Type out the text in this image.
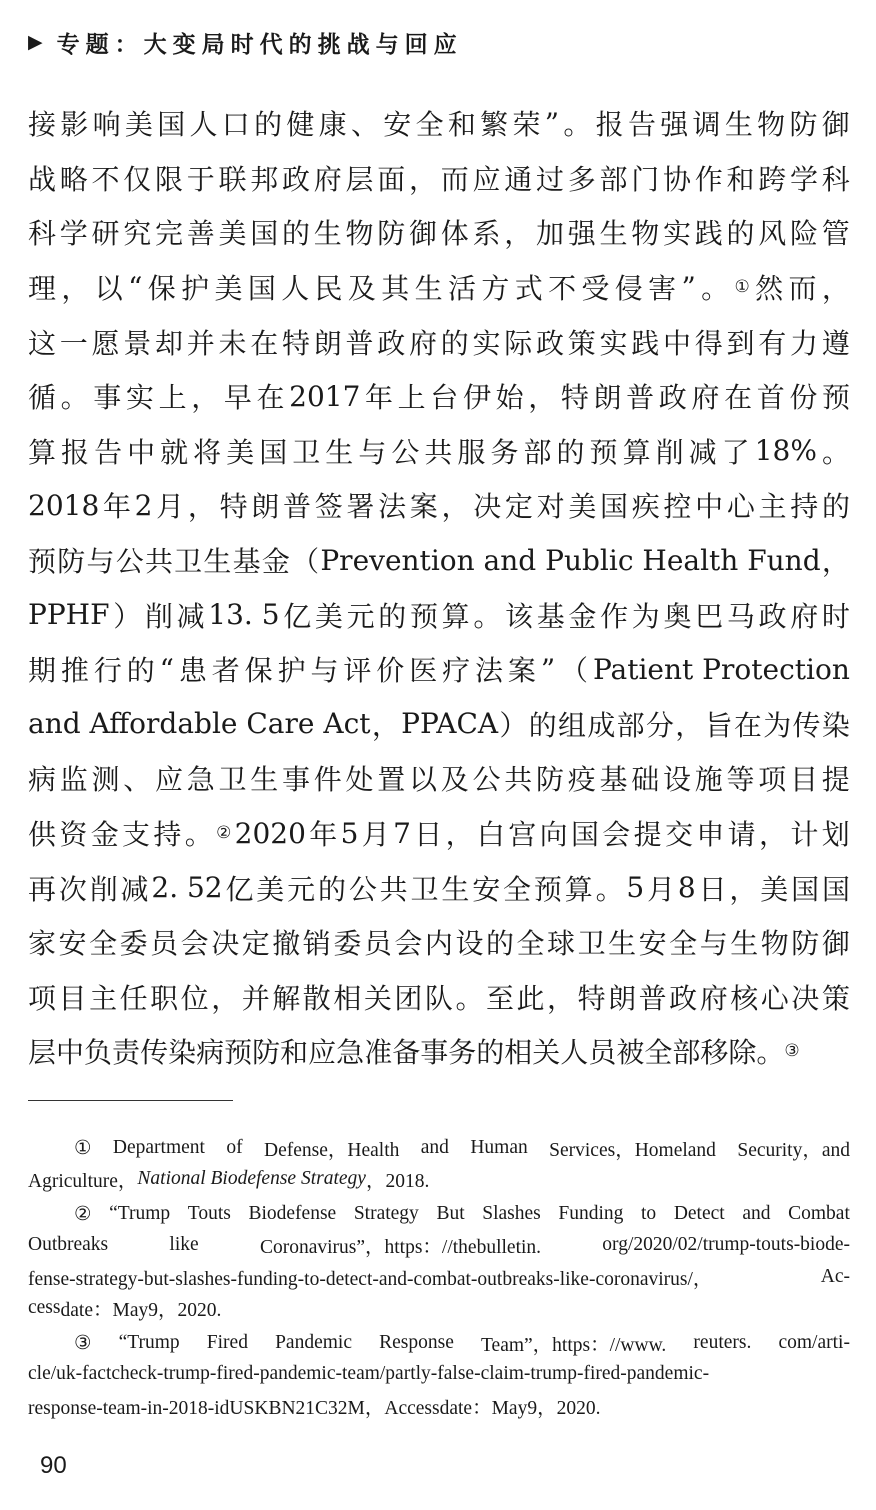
▶ 专题：大变局时代的挑战与回应
接 影 响 美 国 人 口 的 健 康 、 安 全 和 繁 荣 ” 。 报 告 强 调 生 物 防 御
战 略 不 仅 限 于 联 邦 政 府 层 面 ， 而 应 通 过 多 部 门 协 作 和 跨 学 科
科 学 研 究 完 善 美 国 的 生 物 防 御 体 系 ， 加 强 生 物 实 践 的 风 险 管
理 ， 以 “ 保 护 美 国 人 民 及 其 生 活 方 式 不 受 侵 害 ” 。 ① 然 而 ，
这 一 愿 景 却 并 未 在 特 朗 普 政 府 的 实 际 政 策 实 践 中 得 到 有 力 遵
循 。 事 实 上 ， 早 在 2017 年 上 台 伊 始 ， 特 朗 普 政 府 在 首 份 预
算 报 告 中 就 将 美 国 卫 生 与 公 共 服 务 部 的 预 算 削 减 了 18% 。
2018 年 2 月 ， 特 朗 普 签 署 法 案 ， 决 定 对 美 国 疾 控 中 心 主 持 的
预 防 与 公 共 卫 生 基 金 （ Prevention and Public Health Fund ，
PPHF ） 削 减 13. 5 亿 美 元 的 预 算 。 该 基 金 作 为 奥 巴 马 政 府 时
期 推 行 的 “ 患 者 保 护 与 评 价 医 疗 法 案 ” （ Patient Protection
and Affordable Care Act ， PPACA ） 的 组 成 部 分 ， 旨 在 为 传 染
病 监 测 、 应 急 卫 生 事 件 处 置 以 及 公 共 防 疫 基 础 设 施 等 项 目 提
供 资 金 支 持 。 ② 2020 年 5 月 7 日 ， 白 宫 向 国 会 提 交 申 请 ， 计 划
再 次 削 减 2. 52 亿 美 元 的 公 共 卫 生 安 全 预 算 。 5 月 8 日 ， 美 国 国
家 安 全 委 员 会 决 定 撤 销 委 员 会 内 设 的 全 球 卫 生 安 全 与 生 物 防 御
项 目 主 任 职 位 ， 并 解 散 相 关 团 队 。 至 此 ， 特 朗 普 政 府 核 心 决 策
层 中 负 责 传 染 病 预 防 和 应 急 准 备 事 务 的 相 关 人 员 被 全 部 移 除 。 ③
① Department of Defense，Health and Human Services，Homeland Security，and
Agriculture， National Biodefense Strategy ，2018.
② “Trump Touts Biodefense Strategy But Slashes Funding to Detect and Combat
Outbreaks	like	Coronavirus”，https：//thebulletin.	org/2020/02/trump-touts-biode-
fense-strategy-but-slashes-funding-to-detect-and-combat-outbreaks-like-coronavirus/，	Ac-
cess date：May 9，2020.
③ “Trump Fired Pandemic Response Team”，https：//www. reuters. com/arti-
cle/uk-factcheck-trump-fired-pandemic-team/partly-false-claim-trump-fired-pandemic-
response-team-in-2018-idUSKBN21C32M，Access date：May 9，2020.
90
